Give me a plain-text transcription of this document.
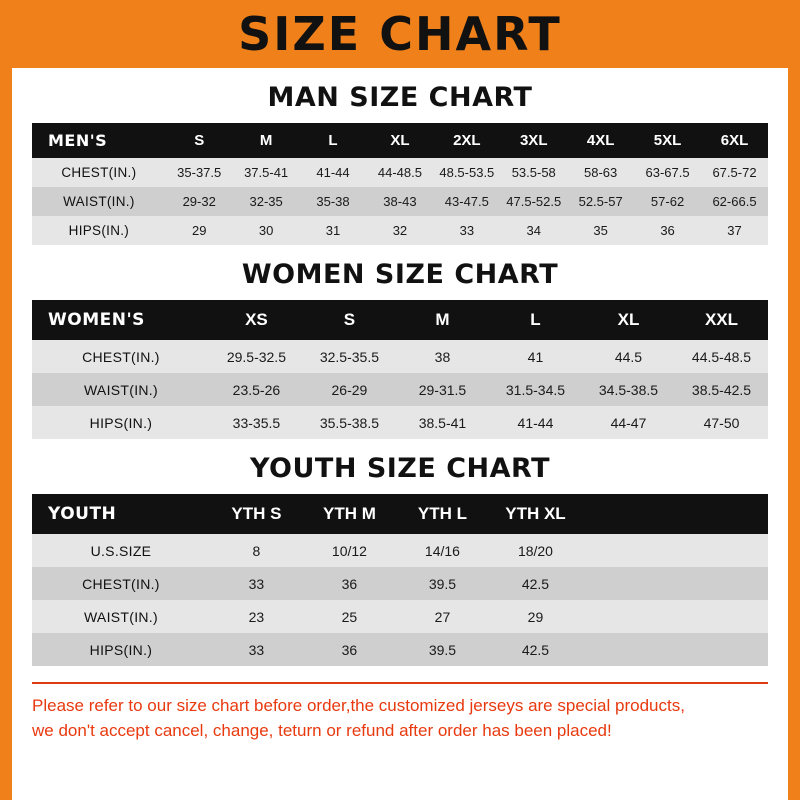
SIZE CHART
MAN SIZE CHART
MEN'S	S	M	L	XL	2XL	3XL	4XL	5XL	6XL
CHEST(IN.)	35-37.5	37.5-41	41-44	44-48.5	48.5-53.5	53.5-58	58-63	63-67.5	67.5-72
WAIST(IN.)	29-32	32-35	35-38	38-43	43-47.5	47.5-52.5	52.5-57	57-62	62-66.5
HIPS(IN.)	29	30	31	32	33	34	35	36	37
WOMEN SIZE CHART
WOMEN'S	XS	S	M	L	XL	XXL
CHEST(IN.)	29.5-32.5	32.5-35.5	38	41	44.5	44.5-48.5
WAIST(IN.)	23.5-26	26-29	29-31.5	31.5-34.5	34.5-38.5	38.5-42.5
HIPS(IN.)	33-35.5	35.5-38.5	38.5-41	41-44	44-47	47-50
YOUTH SIZE CHART
YOUTH	YTH S	YTH M	YTH L	YTH XL		
U.S.SIZE	8	10/12	14/16	18/20		
CHEST(IN.)	33	36	39.5	42.5		
WAIST(IN.)	23	25	27	29		
HIPS(IN.)	33	36	39.5	42.5		

Please refer to our size chart before order,the customized jerseys are special products,

we don't accept cancel, change, teturn or refund after order has been placed!
